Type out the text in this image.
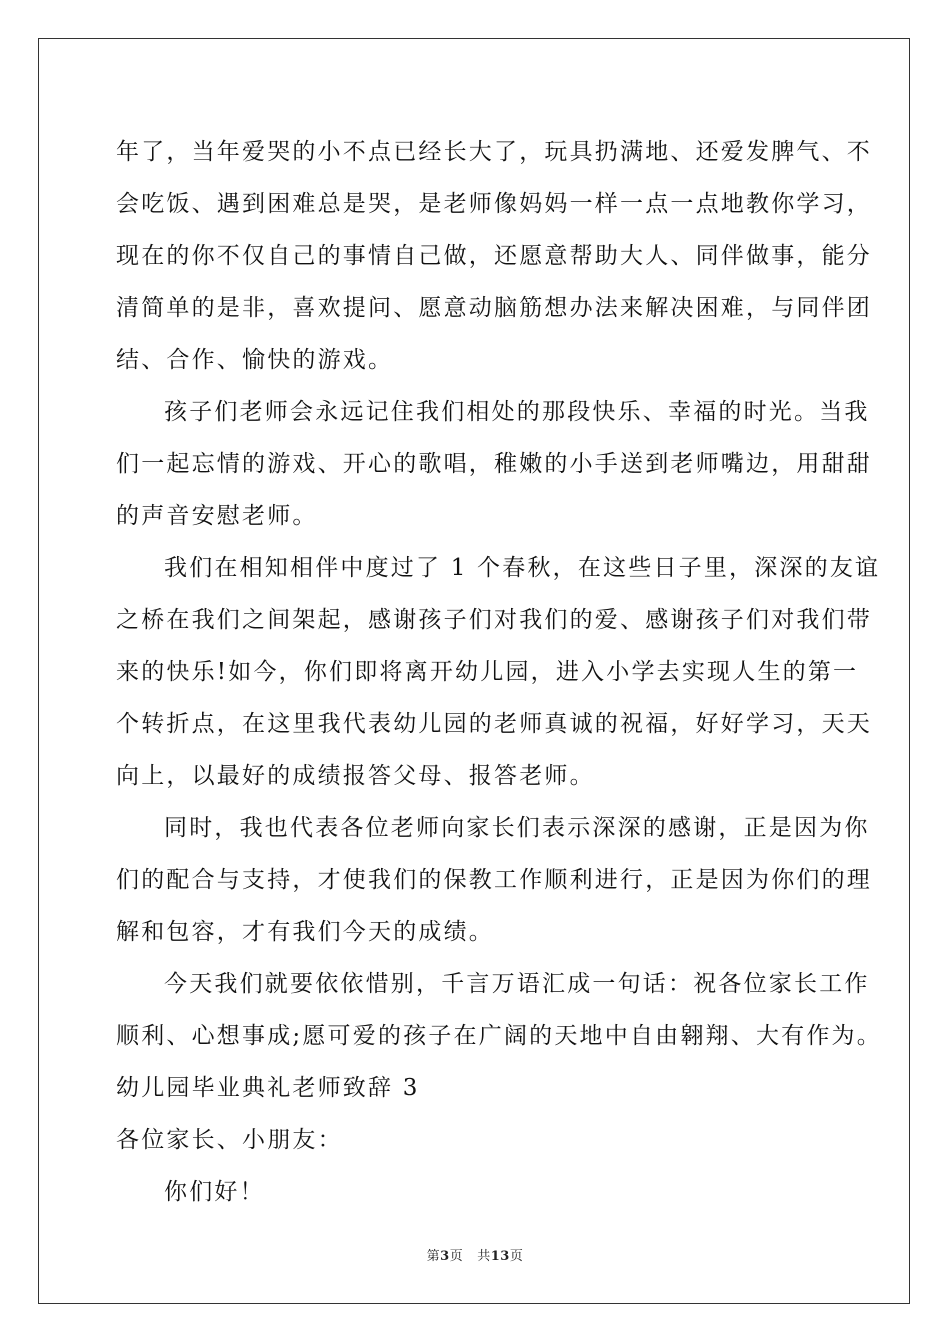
年了，当年爱哭的小不点已经长大了，玩具扔满地、还爱发脾气、不
会吃饭、遇到困难总是哭，是老师像妈妈一样一点一点地教你学习，
现在的你不仅自己的事情自己做，还愿意帮助大人、同伴做事，能分
清简单的是非，喜欢提问、愿意动脑筋想办法来解决困难，与同伴团
结、合作、愉快的游戏。
孩子们老师会永远记住我们相处的那段快乐、幸福的时光。当我
们一起忘情的游戏、开心的歌唱，稚嫩的小手送到老师嘴边，用甜甜
的声音安慰老师。
我们在相知相伴中度过了 1 个春秋，在这些日子里，深深的友谊
之桥在我们之间架起，感谢孩子们对我们的爱、感谢孩子们对我们带
来的快乐!如今，你们即将离开幼儿园，进入小学去实现人生的第一
个转折点，在这里我代表幼儿园的老师真诚的祝福，好好学习，天天
向上，以最好的成绩报答父母、报答老师。
同时，我也代表各位老师向家长们表示深深的感谢，正是因为你
们的配合与支持，才使我们的保教工作顺利进行，正是因为你们的理
解和包容，才有我们今天的成绩。
今天我们就要依依惜别，千言万语汇成一句话：祝各位家长工作
顺利、心想事成;愿可爱的孩子在广阔的天地中自由翱翔、大有作为。
幼儿园毕业典礼老师致辞 3
各位家长、小朋友：
你们好！
第3页 共13页
